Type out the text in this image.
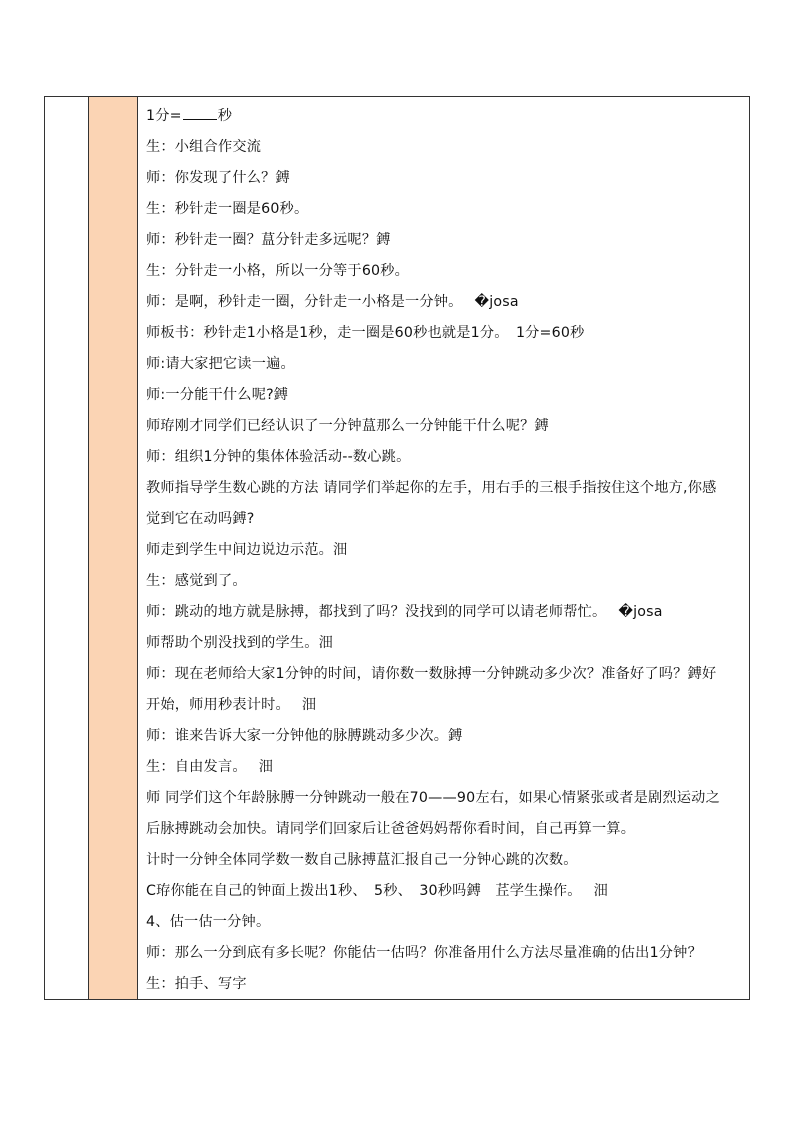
1分=	秒
生：小组合作交流
师：你发现了什么？鎛
生：秒针走一圈是60秒。
师：秒针走一圈？蒀分针走多远呢？鎛
生：分针走一小格，所以一分等于60秒。
师：是啊，秒针走一圈，分针走一小格是一分钟。　 �josa
师板书：秒针走1小格是1秒，走一圈是60秒也就是1分。　1分=60秒
师:请大家把它读一遍。
师:一分能干什么呢?鎛
师珔刚才同学们已经认识了一分钟蒀那么一分钟能干什么呢？鎛
师：组织1分钟的集体体验活动--数心跳。
教师指导学生数心跳的方法 请同学们举起你的左手，用右手的三根手指按住这个地方,你感
觉到它在动吗鎛?
师走到学生中间边说边示范。沺
生：感觉到了。
师：跳动的地方就是脉搏，都找到了吗？没找到的同学可以请老师帮忙。　 �josa
师帮助个别没找到的学生。沺
师：现在老师给大家1分钟的时间，请你数一数脉搏一分钟跳动多少次？准备好了吗？鎛好
开始，师用秒表计时。　 沺
师：谁来告诉大家一分钟他的脉膊跳动多少次。鎛
生：自由发言。　 沺
师 同学们这个年龄脉膊一分钟跳动一般在70——90左右，如果心情紧张或者是剧烈运动之
后脉搏跳动会加快。请同学们回家后让爸爸妈妈帮你看时间，自己再算一算。
计时一分钟全体同学数一数自己脉搏蒀汇报自己一分钟心跳的次数。
C珔你能在自己的钟面上拨出1秒、　5秒、　30秒吗鎛　茊学生操作。　 沺
4、估一估一分钟。
师：那么一分到底有多长呢？你能估一估吗？你准备用什么方法尽量准确的估出1分钟？
生：拍手、写字
